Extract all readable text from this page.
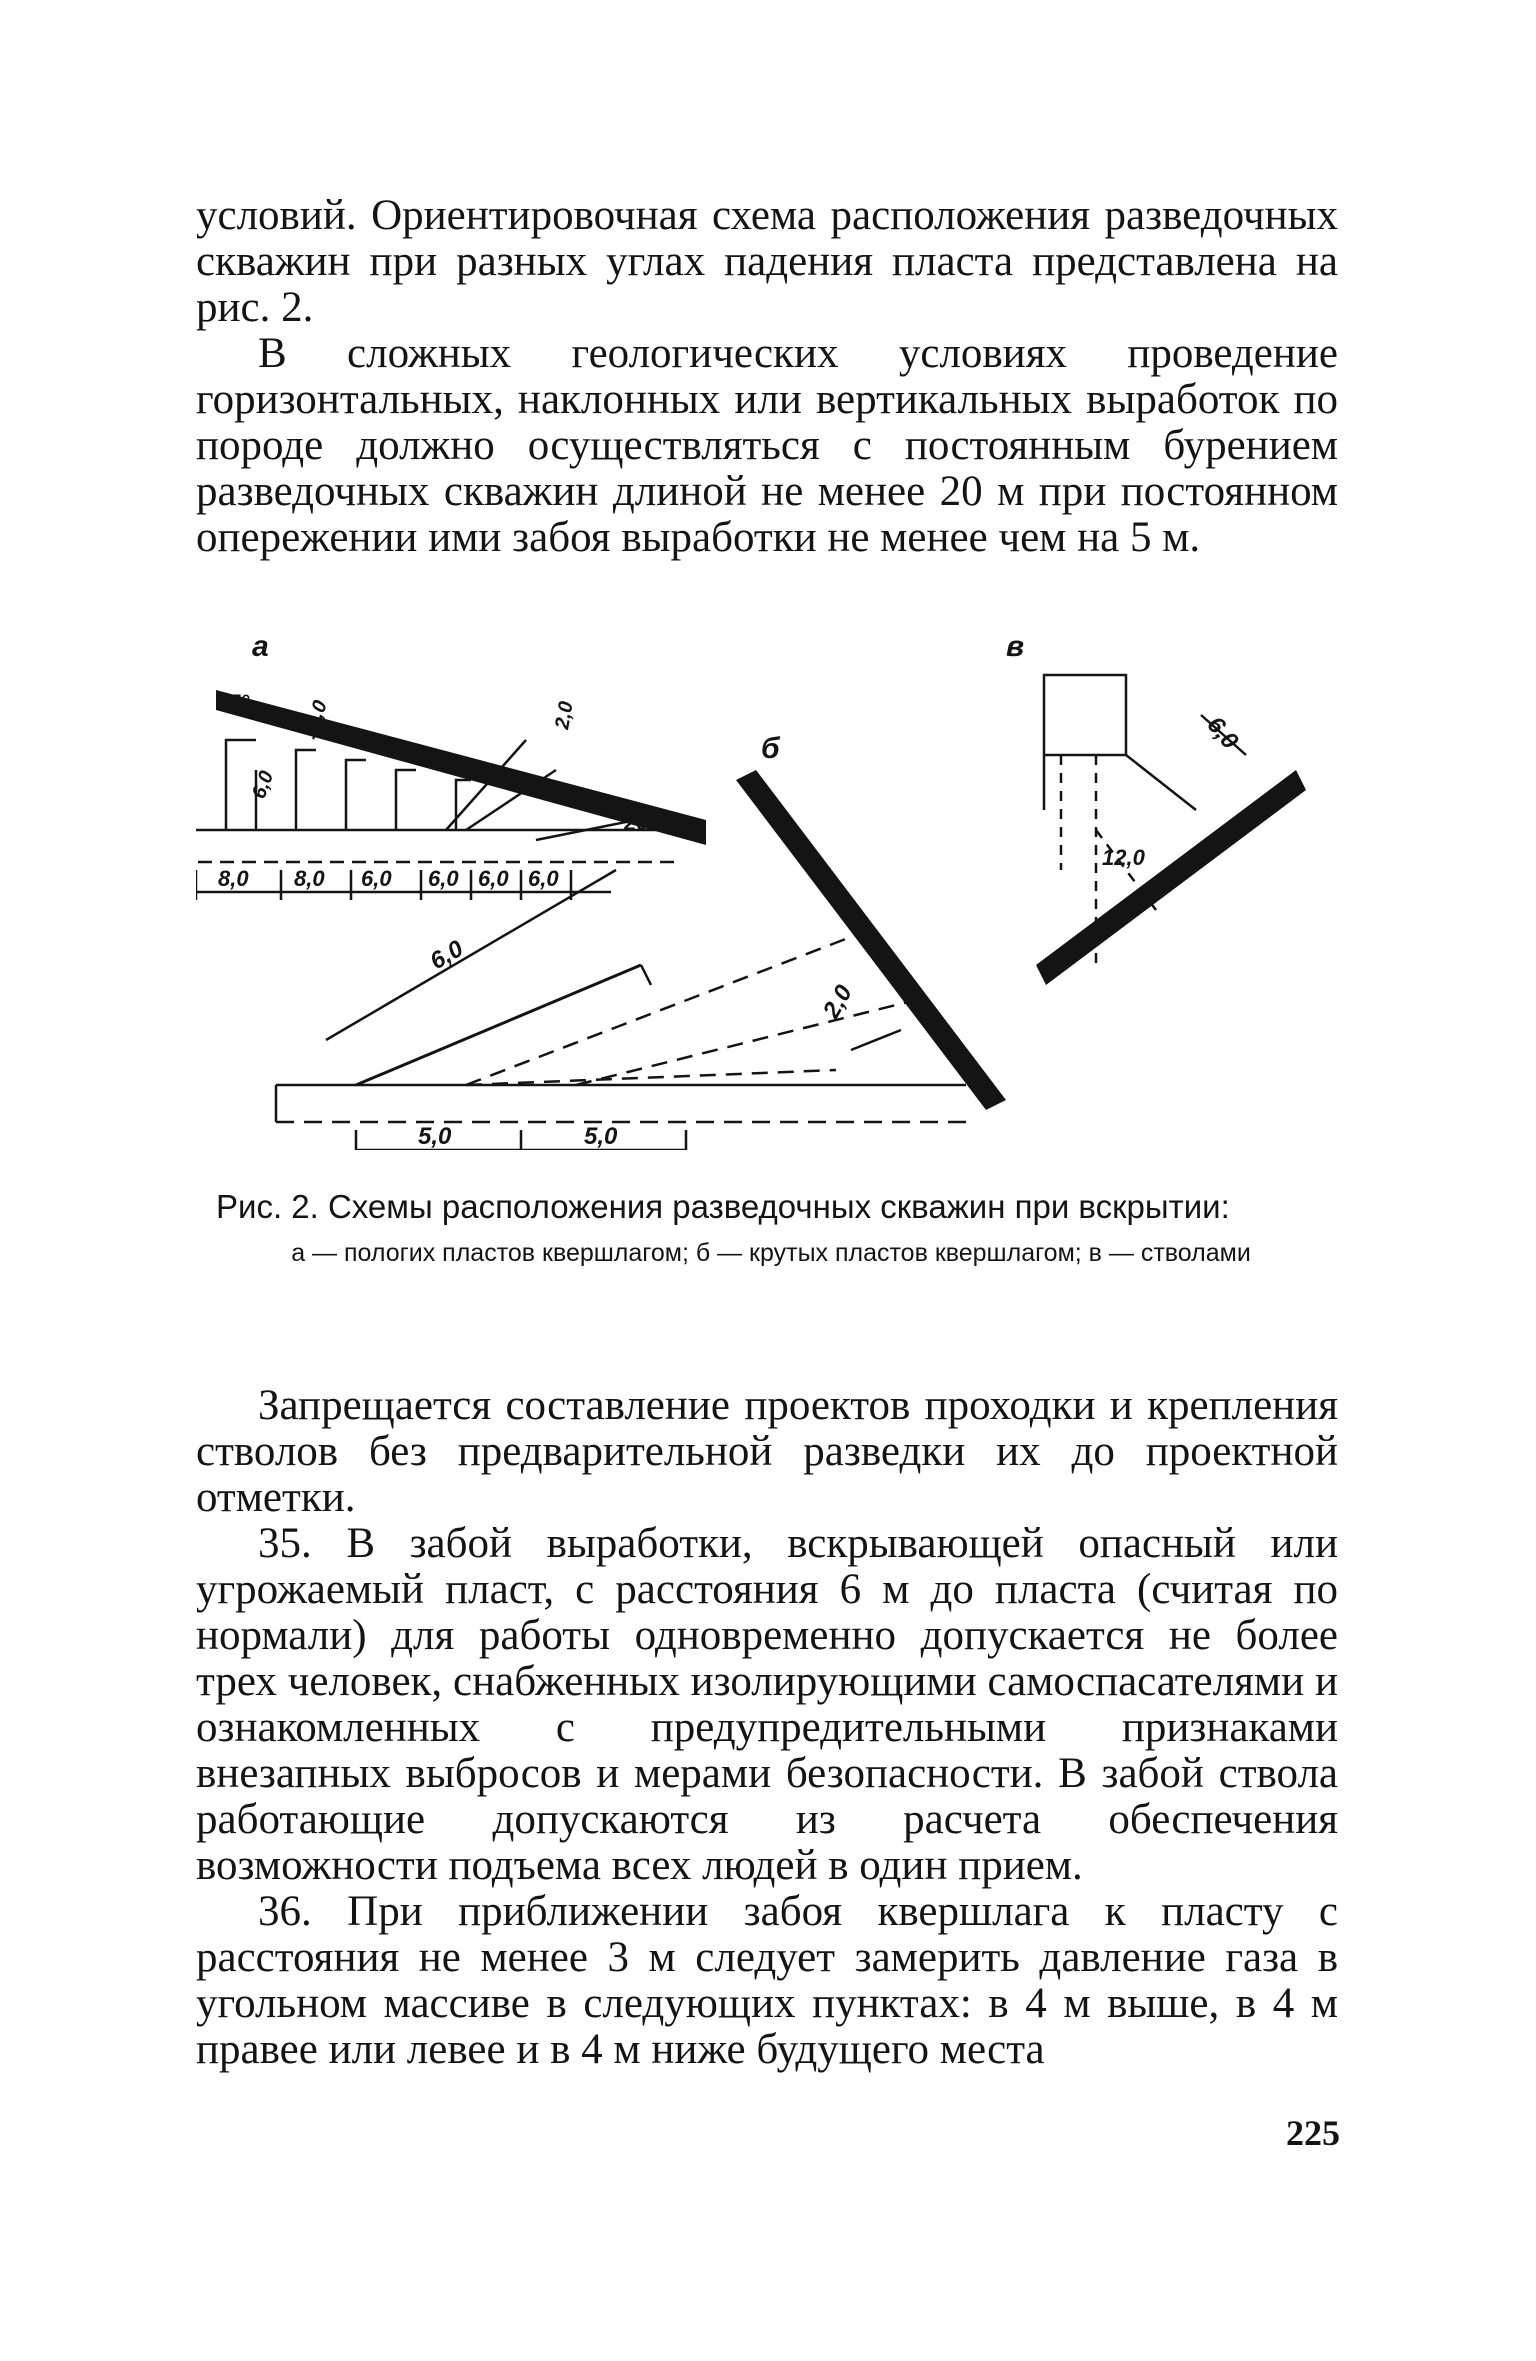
условий. Ориентировочная схема расположения разведочных скважин при разных углах падения пласта представлена на рис. 2.

В сложных геологических условиях проведение горизонтальных, наклонных или вертикальных выработок по породе должно осуществляться с постоянным бурением разведочных скважин длиной не менее 20 м при постоянном опережении ими забоя выработки не менее чем на 5 м.

а
8,0 8,0 6,0 6,0 6,0 6,0
15°
20°
10,0	2,0
6,0
б
6,0
2,0
5,0	5,0
в
6,0
12,0
Рис. 2. Схемы расположения разведочных скважин при вскрытии:
а — пологих пластов квершлагом; б — крутых пластов квершлагом; в — стволами

Запрещается составление проектов проходки и крепления стволов без предварительной разведки их до проектной отметки.

35. В забой выработки, вскрывающей опасный или угрожаемый пласт, с расстояния 6 м до пласта (считая по нормали) для работы одновременно допускается не более трех человек, снабженных изолирующими самоспасателями и ознакомленных с предупредительными признаками внезапных выбросов и мерами безопасности. В забой ствола работающие допускаются из расчета обеспечения возможности подъема всех людей в один прием.

36. При приближении забоя квершлага к пласту с расстояния не менее 3 м следует замерить давление газа в угольном массиве в следующих пунктах: в 4 м выше, в 4 м правее или левее и в 4 м ниже будущего места

225
